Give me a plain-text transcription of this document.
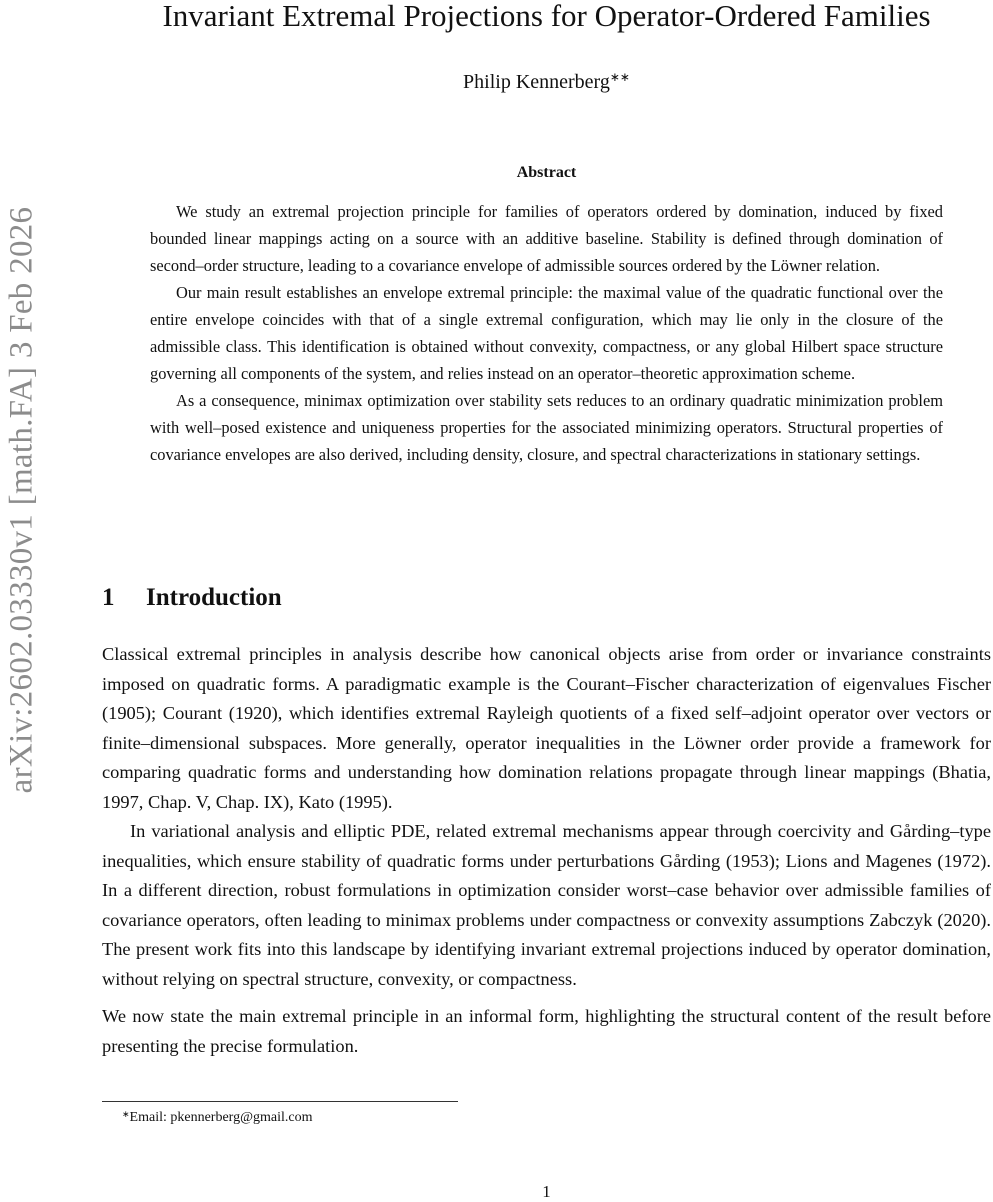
arXiv:2602.03330v1 [math.FA] 3 Feb 2026
Invariant Extremal Projections for Operator-Ordered Families
Philip Kennerberg∗∗
Abstract

We study an extremal projection principle for families of operators ordered by domination, induced by fixed bounded linear mappings acting on a source with an additive baseline. Stability is defined through domination of second–order structure, leading to a covariance envelope of admissible sources ordered by the Löwner relation.

Our main result establishes an envelope extremal principle: the maximal value of the quadratic functional over the entire envelope coincides with that of a single extremal configuration, which may lie only in the closure of the admissible class. This identification is obtained without convexity, compactness, or any global Hilbert space structure governing all components of the system, and relies instead on an operator–theoretic approximation scheme.

As a consequence, minimax optimization over stability sets reduces to an ordinary quadratic minimization problem with well–posed existence and uniqueness properties for the associated minimizing operators. Structural properties of covariance envelopes are also derived, including density, closure, and spectral characterizations in stationary settings.

1 Introduction

Classical extremal principles in analysis describe how canonical objects arise from order or invariance constraints imposed on quadratic forms. A paradigmatic example is the Courant–Fischer characterization of eigenvalues Fischer (1905); Courant (1920), which identifies extremal Rayleigh quotients of a fixed self–adjoint operator over vectors or finite–dimensional subspaces. More generally, operator inequalities in the Löwner order provide a framework for comparing quadratic forms and understanding how domination relations propagate through linear mappings (Bhatia, 1997, Chap. V, Chap. IX), Kato (1995).

In variational analysis and elliptic PDE, related extremal mechanisms appear through coercivity and Gårding–type inequalities, which ensure stability of quadratic forms under perturbations Gårding (1953); Lions and Magenes (1972). In a different direction, robust formulations in optimization consider worst–case behavior over admissible families of covariance operators, often leading to minimax problems under compactness or convexity assumptions Zabczyk (2020). The present work fits into this landscape by identifying invariant extremal projections induced by operator domination, without relying on spectral structure, convexity, or compactness.

We now state the main extremal principle in an informal form, highlighting the structural content of the result before presenting the precise formulation.

∗Email: pkennerberg@gmail.com
1
